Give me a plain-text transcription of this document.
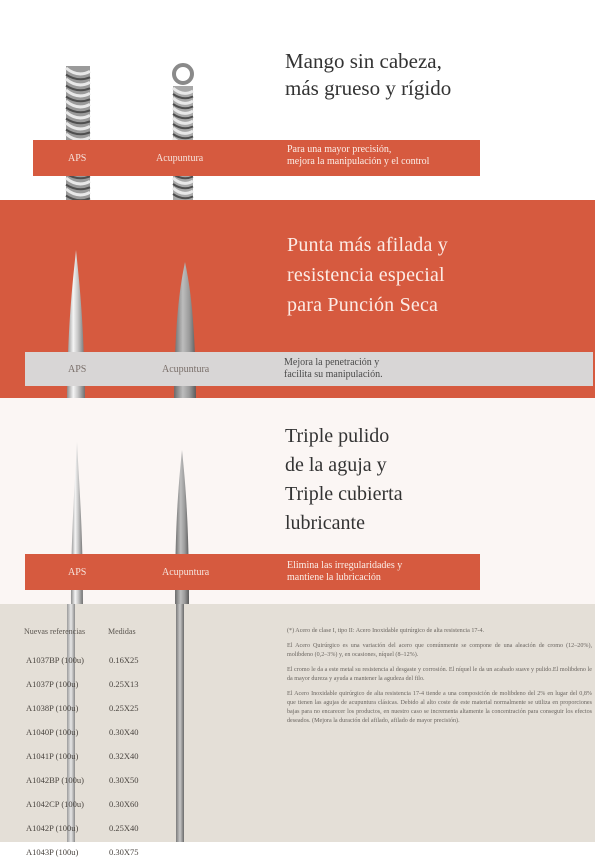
Mango sin cabeza,
más grueso y rígido
APS	Acupuntura
Para una mayor precisión,
mejora la manipulación y el control
Punta más afilada y
resistencia especial
para Punción Seca
APS	Acupuntura
Mejora la penetración y
facilita su manipulación.
Triple pulido
de la aguja y
Triple cubierta
lubricante
APS	Acupuntura
Elimina las irregularidades y
mantiene la lubricación
Nuevas referencias	Medidas
A1037BP (100u)	0.16X25
A1037P (100u)	0.25X13
A1038P (100u)	0.25X25
A1040P (100u)	0.30X40
A1041P (100u)	0.32X40
A1042BP (100u)	0.30X50
A1042CP (100u)	0.30X60
A1042P (100u)	0.25X40
A1043P (100u)	0.30X75

(*) Acero de clase I, tipo II: Acero Inoxidable quirúrgico de alta resistencia 17-4.

El Acero Quirúrgico es una variación del acero que comúnmente se compone de una aleación de cromo (12–20%), molibdeno (0,2–3%) y, en ocasiones, níquel (8–12%).

El cromo le da a este metal su resistencia al desgaste y corrosión. El níquel le da un acabado suave y pulido.El molibdeno le da mayor dureza y ayuda a mantener la agudeza del filo.

El Acero Inoxidable quirúrgico de alta resistencia 17-4 tiende a una composición de molibdeno del 2% en lugar del 0,8% que tienen las agujas de acupuntura clásicas. Debido al alto coste de este material normalmente se utiliza en proporciones bajas para no encarecer los productos, en nuestro caso se incrementa altamente la concentración para conseguir los efectos deseados. (Mejora la duración del afilado, afilado de mayor precisión).
